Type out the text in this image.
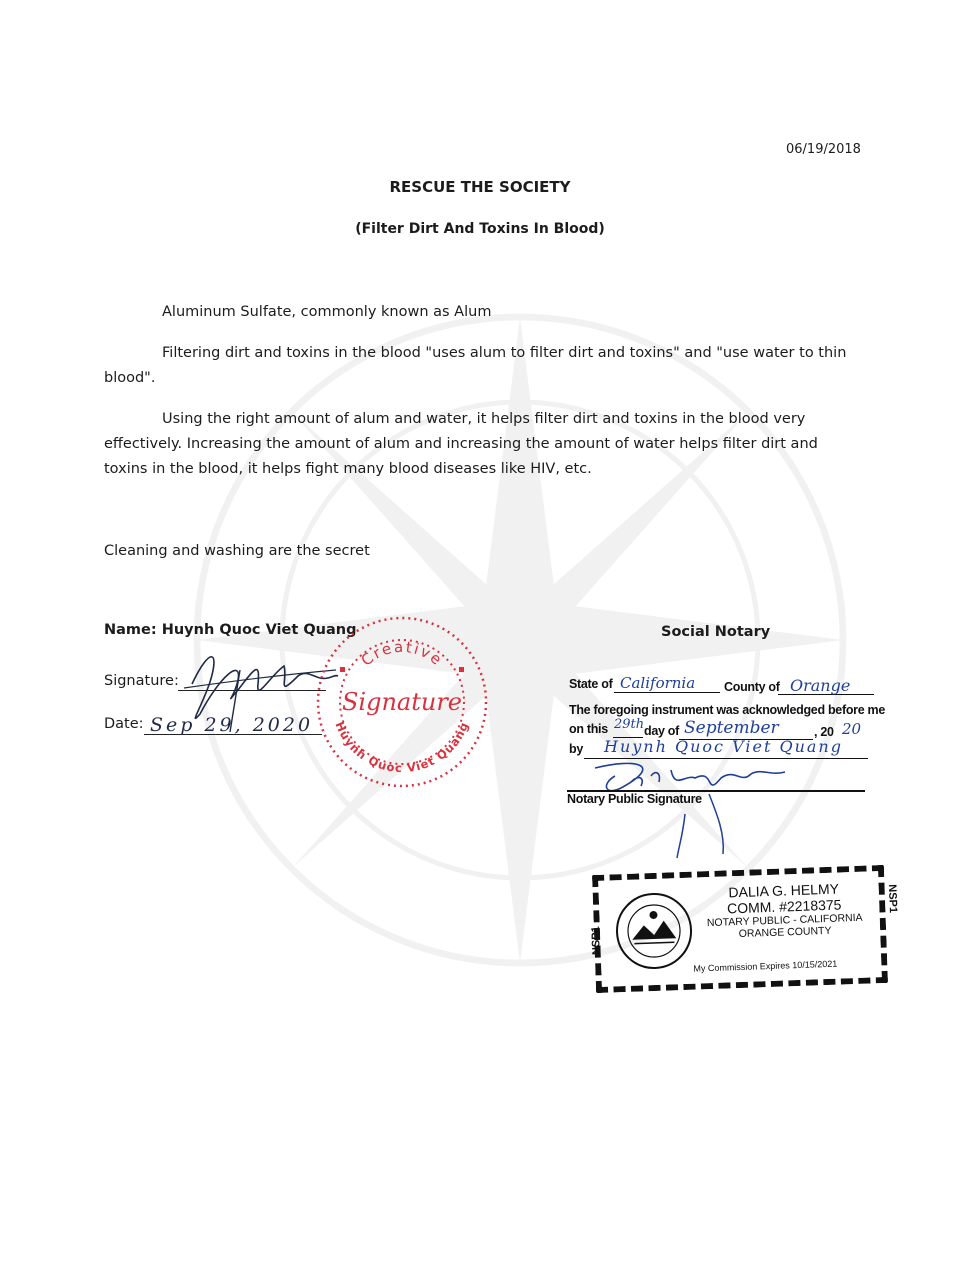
06/19/2018
RESCUE THE SOCIETY
(Filter Dirt And Toxins In Blood)
Aluminum Sulfate, commonly known as Alum
Filtering dirt and toxins in the blood "uses alum to filter dirt and toxins" and "use water to thin blood".
Using the right amount of alum and water, it helps filter dirt and toxins in the blood very effectively. Increasing the amount of alum and increasing the amount of water helps filter dirt and toxins in the blood, it helps fight many blood diseases like HIV, etc.
Cleaning and washing are the secret
Name: Huynh Quoc Viet Quang
Signature:
Date: Sep 29, 2020
Creative
Signature
Huynh Quoc Viet Quang
Social Notary
State of California County of Orange
The foregoing instrument was acknowledged before me
on this 29th day of September	, 20 20
by Huynh Quoc Viet Quang
Notary Public Signature
NSP1
NSP1
DALIA G. HELMY
COMM. #2218375
NOTARY PUBLIC - CALIFORNIA
ORANGE COUNTY
My Commission Expires 10/15/2021
